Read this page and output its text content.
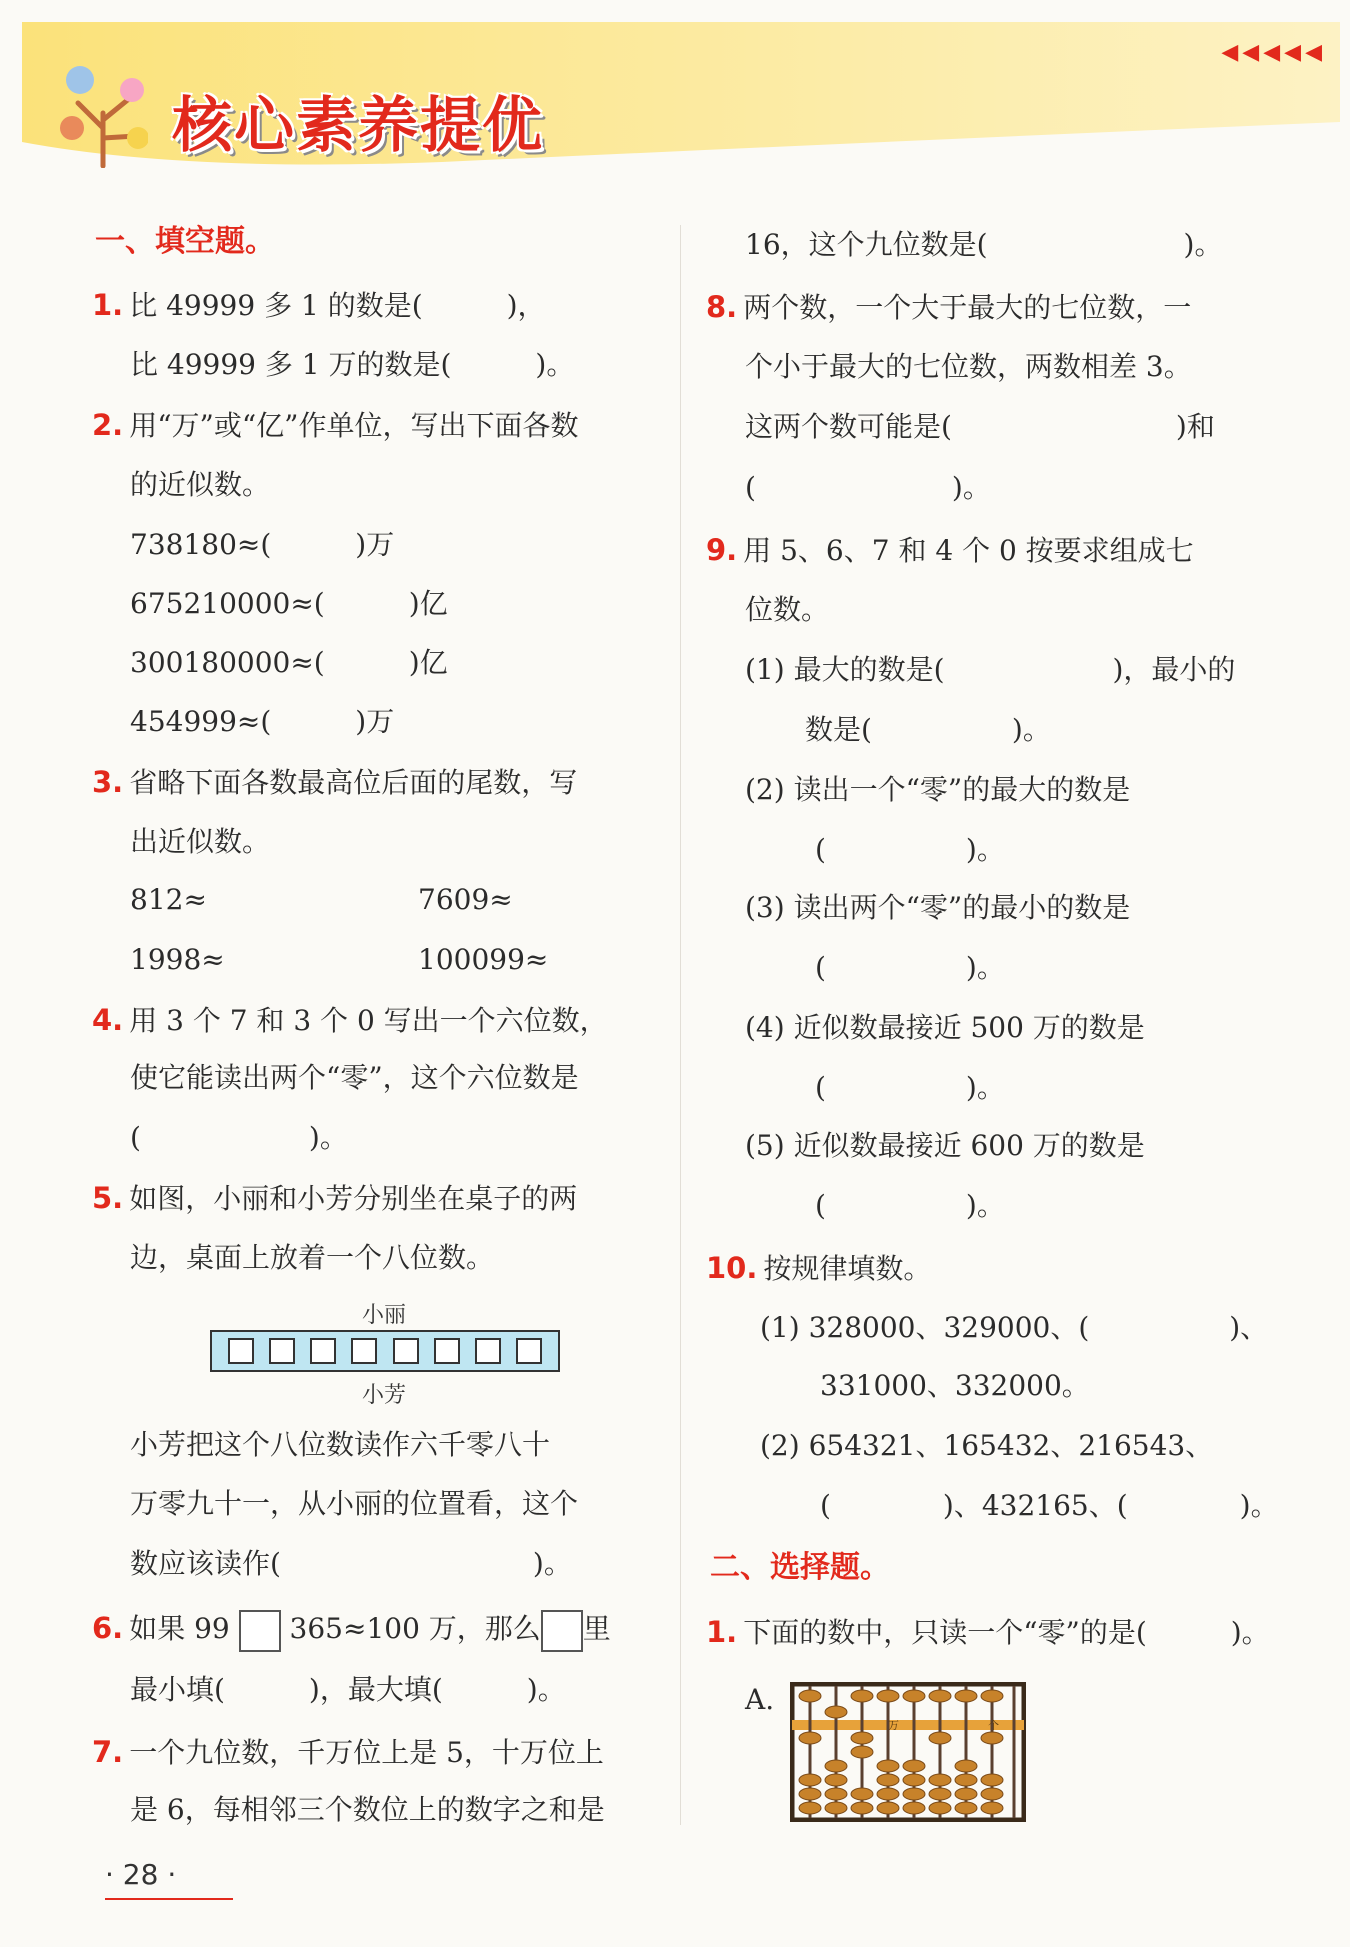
◀◀◀◀◀
核心素养提优
一、填空题。
1. 比 49999 多 1 的数是(　　　)，
比 49999 多 1 万的数是(　　　)。
2. 用“万”或“亿”作单位，写出下面各数
的近似数。
738180≈(　　　)万
675210000≈(　　　)亿
300180000≈(　　　)亿
454999≈(　　　)万
3. 省略下面各数最高位后面的尾数，写
出近似数。
812≈	7609≈
1998≈	100099≈
4. 用 3 个 7 和 3 个 0 写出一个六位数，
使它能读出两个“零”，这个六位数是
(　　　　　　)。
5. 如图，小丽和小芳分别坐在桌子的两
边，桌面上放着一个八位数。
小丽
小芳
小芳把这个八位数读作六千零八十
万零九十一，从小丽的位置看，这个
数应该读作(　　　　　　　　　)。
6. 如果 99 365≈100 万，那么 里
最小填(　　　)，最大填(　　　)。
7. 一个九位数，千万位上是 5，十万位上
是 6，每相邻三个数位上的数字之和是
16，这个九位数是(　　　　　　　)。
8. 两个数，一个大于最大的七位数，一
个小于最大的七位数，两数相差 3。
这两个数可能是(　　　　　　　　)和
(　　　　　　　)。
9. 用 5、6、7 和 4 个 0 按要求组成七
位数。
(1) 最大的数是(　　　　　　)，最小的
数是(　　　　　)。
(2) 读出一个“零”的最大的数是
(　　　　　)。
(3) 读出两个“零”的最小的数是
(　　　　　)。
(4) 近似数最接近 500 万的数是
(　　　　　)。
(5) 近似数最接近 600 万的数是
(　　　　　)。
10. 按规律填数。
(1) 328000、329000、(　　　　　)、
331000、332000。
(2) 654321、165432、216543、
(　　　　)、432165、(　　　　)。
二、选择题。
1. 下面的数中，只读一个“零”的是(　　　)。
A.
万	个
· 28 ·
